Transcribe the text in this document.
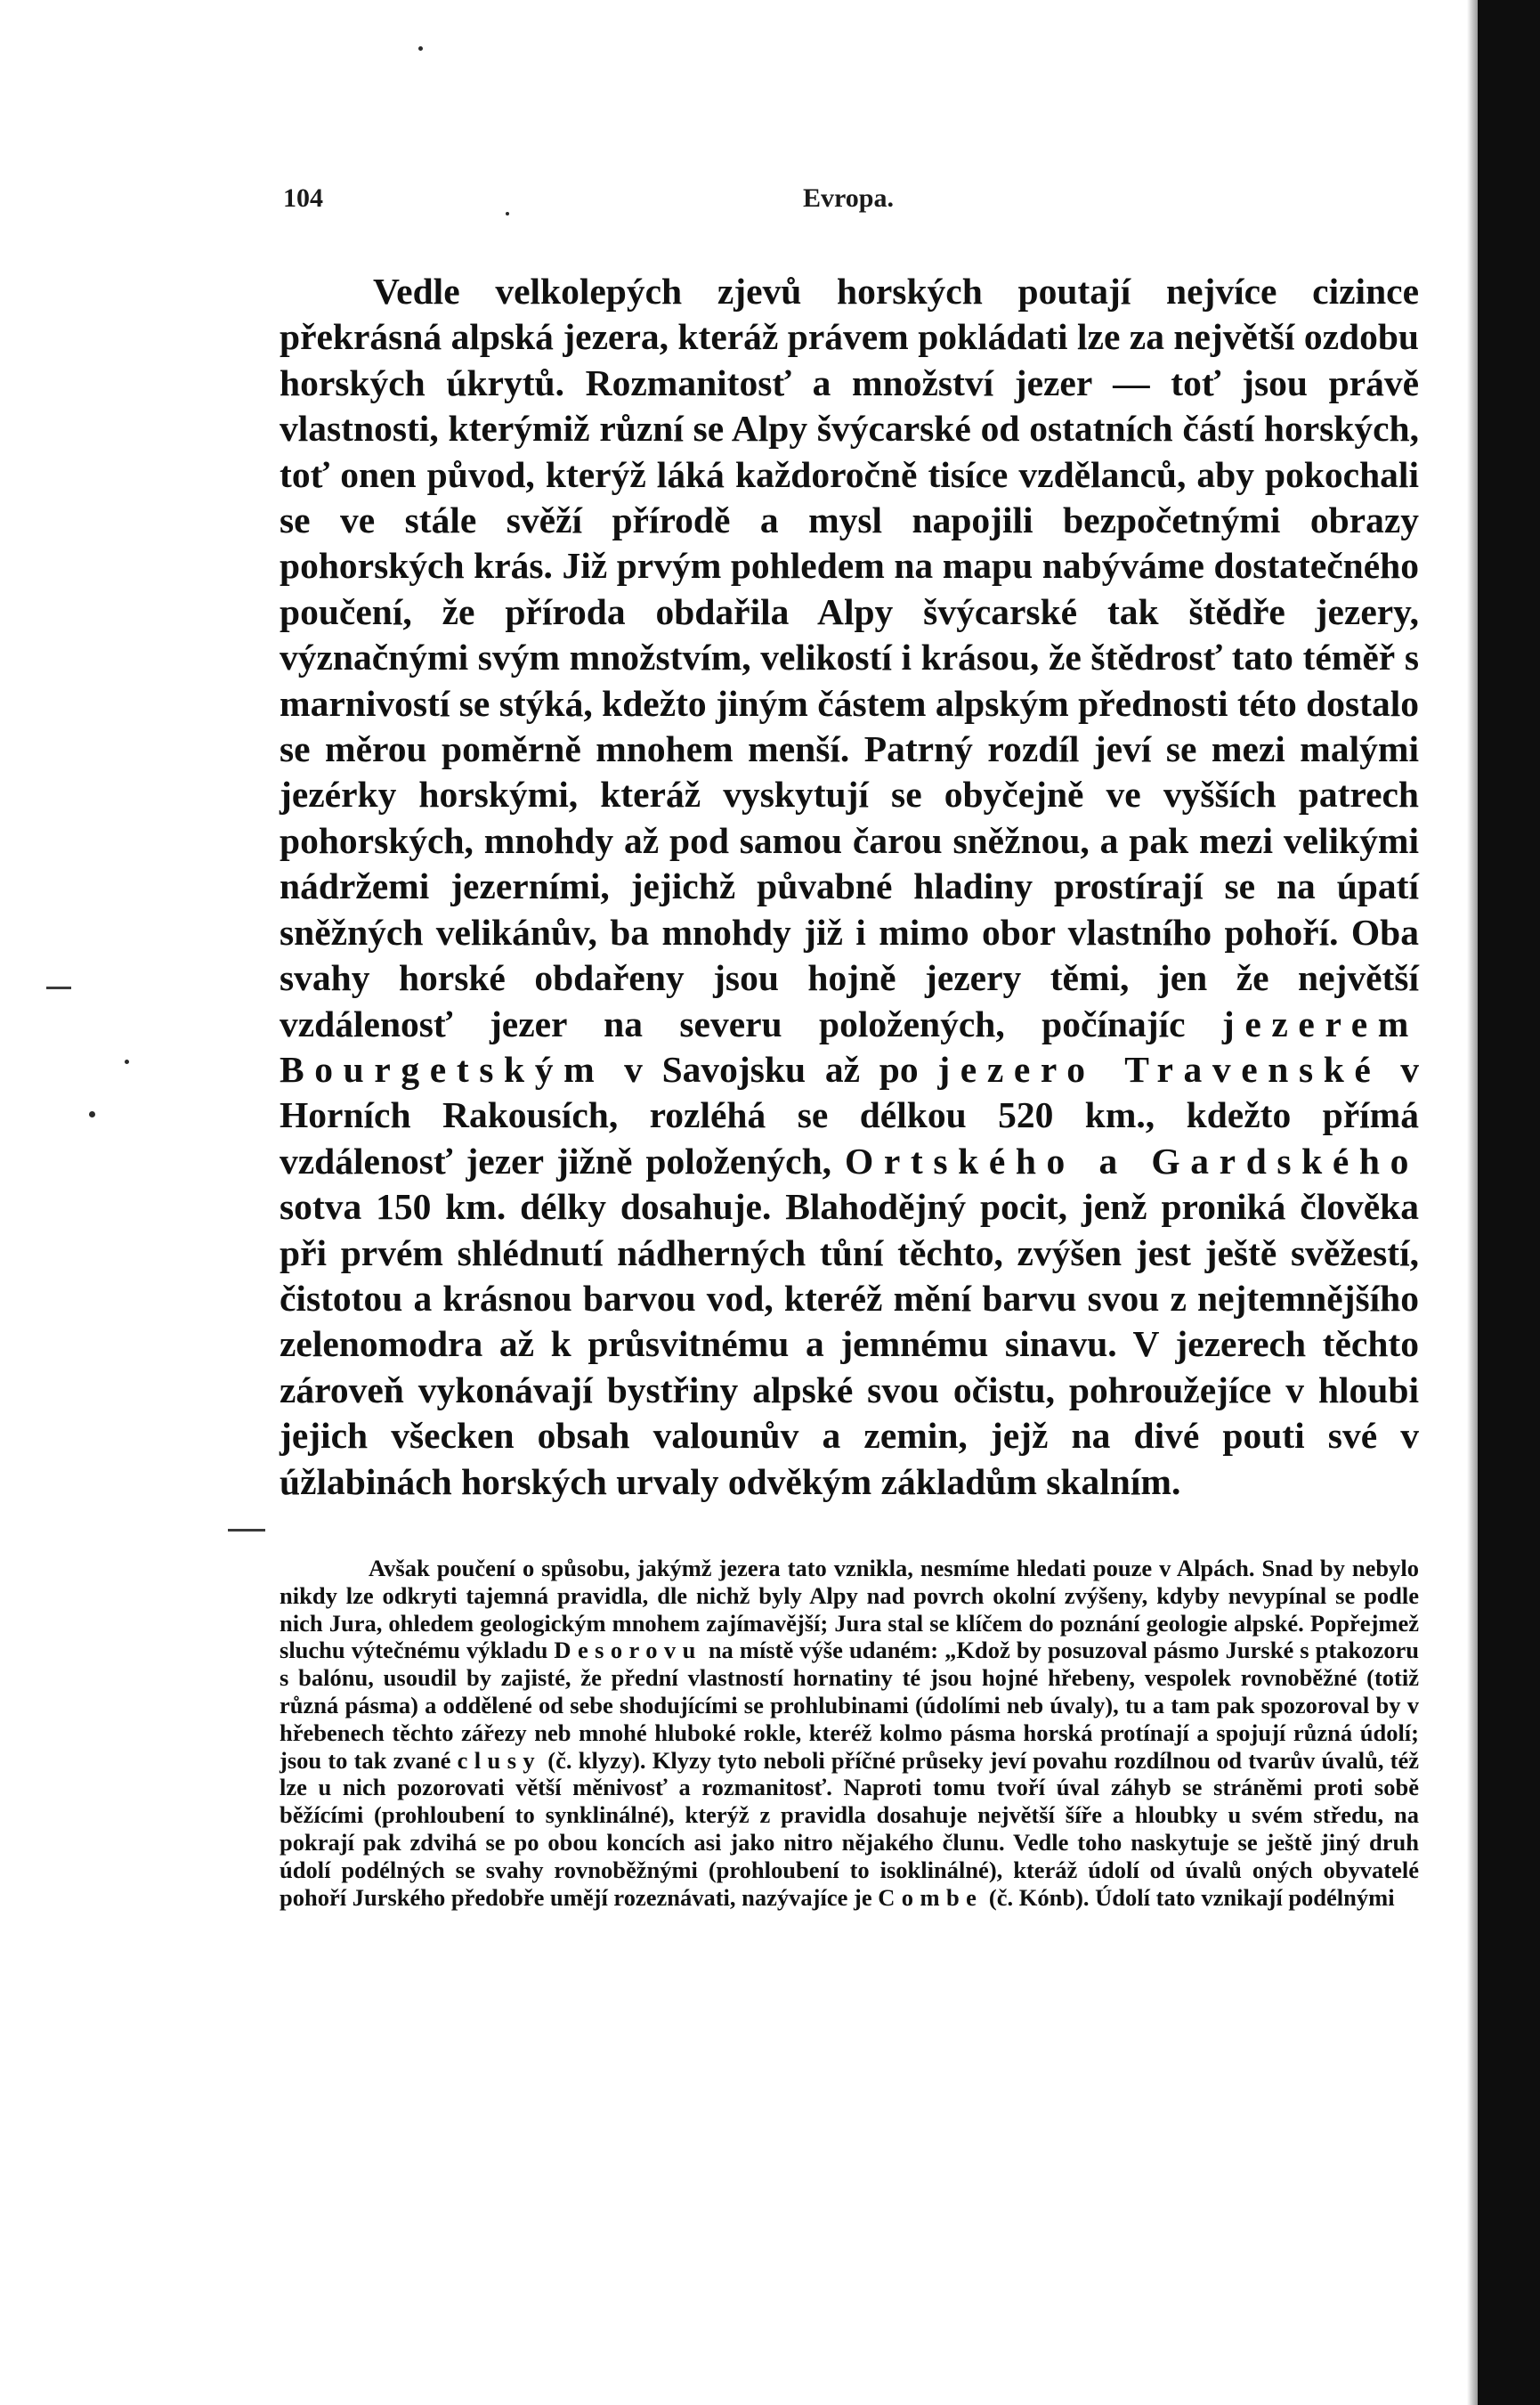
104	Evropa.

Vedle velkolepých zjevů horských poutají nejvíce cizince překrásná alpská jezera, kteráž právem pokládati lze za největší ozdobu horských úkrytů. Rozmanitosť a množství jezer — toť jsou právě vlastnosti, kterýmiž různí se Alpy švýcarské od ostatních částí horských, toť onen původ, kterýž láká každoročně tisíce vzdělanců, aby pokochali se ve stále svěží přírodě a mysl napojili bezpočetnými obrazy pohorských krás. Již prvým pohledem na mapu nabýváme dostatečného poučení, že příroda obdařila Alpy švýcarské tak štědře jezery, význačnými svým množstvím, velikostí i krásou, že štědrosť tato téměř s marnivostí se stýká, kdežto jiným částem alpským přednosti této dostalo se měrou poměrně mnohem menší. Patrný rozdíl jeví se mezi malými jezérky horskými, kteráž vyskytují se obyčejně ve vyšších patrech pohorských, mnohdy až pod samou čarou sněžnou, a pak mezi velikými nádržemi jezerními, jejichž půvabné hladiny prostírají se na úpatí sněžných velikánův, ba mnohdy již i mimo obor vlastního pohoří. Oba svahy horské obdařeny jsou hojně jezery těmi, jen že největší vzdálenosť jezer na severu položených, počínajíc jezerem Bourgetským v Savojsku až po jezero Travenské v Horních Rakousích, rozléhá se délkou 520 km., kdežto přímá vzdálenosť jezer jižně položených, Ortského a Gardského sotva 150 km. délky dosahuje. Blahodějný pocit, jenž proniká člověka při prvém shlédnutí nádherných tůní těchto, zvýšen jest ještě svěžestí, čistotou a krásnou barvou vod, kteréž mění barvu svou z nejtemnějšího zelenomodra až k průsvitnému a jemnému sinavu. V jezerech těchto zároveň vykonávají bystřiny alpské svou očistu, pohroužejíce v hloubi jejich všecken obsah valounův a zemin, jejž na divé pouti své v úžlabinách horských urvaly odvěkým základům skalním.

Avšak poučení o spůsobu, jakýmž jezera tato vznikla, nesmíme hledati pouze v Alpách. Snad by nebylo nikdy lze odkryti tajemná pravidla, dle nichž byly Alpy nad povrch okolní zvýšeny, kdyby nevypínal se podle nich Jura, ohledem geologickým mnohem zajímavější; Jura stal se klíčem do poznání geologie alpské. Popřejmež sluchu výtečnému výkladu Desorovu na místě výše udaném: „Kdož by posuzoval pásmo Jurské s ptakozoru s balónu, usoudil by zajisté, že přední vlastností hornatiny té jsou hojné hřebeny, vespolek rovnoběžné (totiž různá pásma) a oddělené od sebe shodujícími se prohlubinami (údolími neb úvaly), tu a tam pak spozoroval by v hřebenech těchto zářezy neb mnohé hluboké rokle, kteréž kolmo pásma horská protínají a spojují různá údolí; jsou to tak zvané clusy (č. klyzy). Klyzy tyto neboli příčné průseky jeví povahu rozdílnou od tvarův úvalů, též lze u nich pozorovati větší měnivosť a rozmanitosť. Naproti tomu tvoří úval záhyb se stráněmi proti sobě běžícími (prohloubení to synklinálné), kterýž z pravidla dosahuje největší šíře a hloubky u svém středu, na pokrají pak zdvihá se po obou koncích asi jako nitro nějakého člunu. Vedle toho naskytuje se ještě jiný druh údolí podélných se svahy rovnoběžnými (prohloubení to isoklinálné), kteráž údolí od úvalů oných obyvatelé pohoří Jurského předobře umějí rozeznávati, nazývajíce je Combe (č. Kónb). Údolí tato vznikají podélnými
